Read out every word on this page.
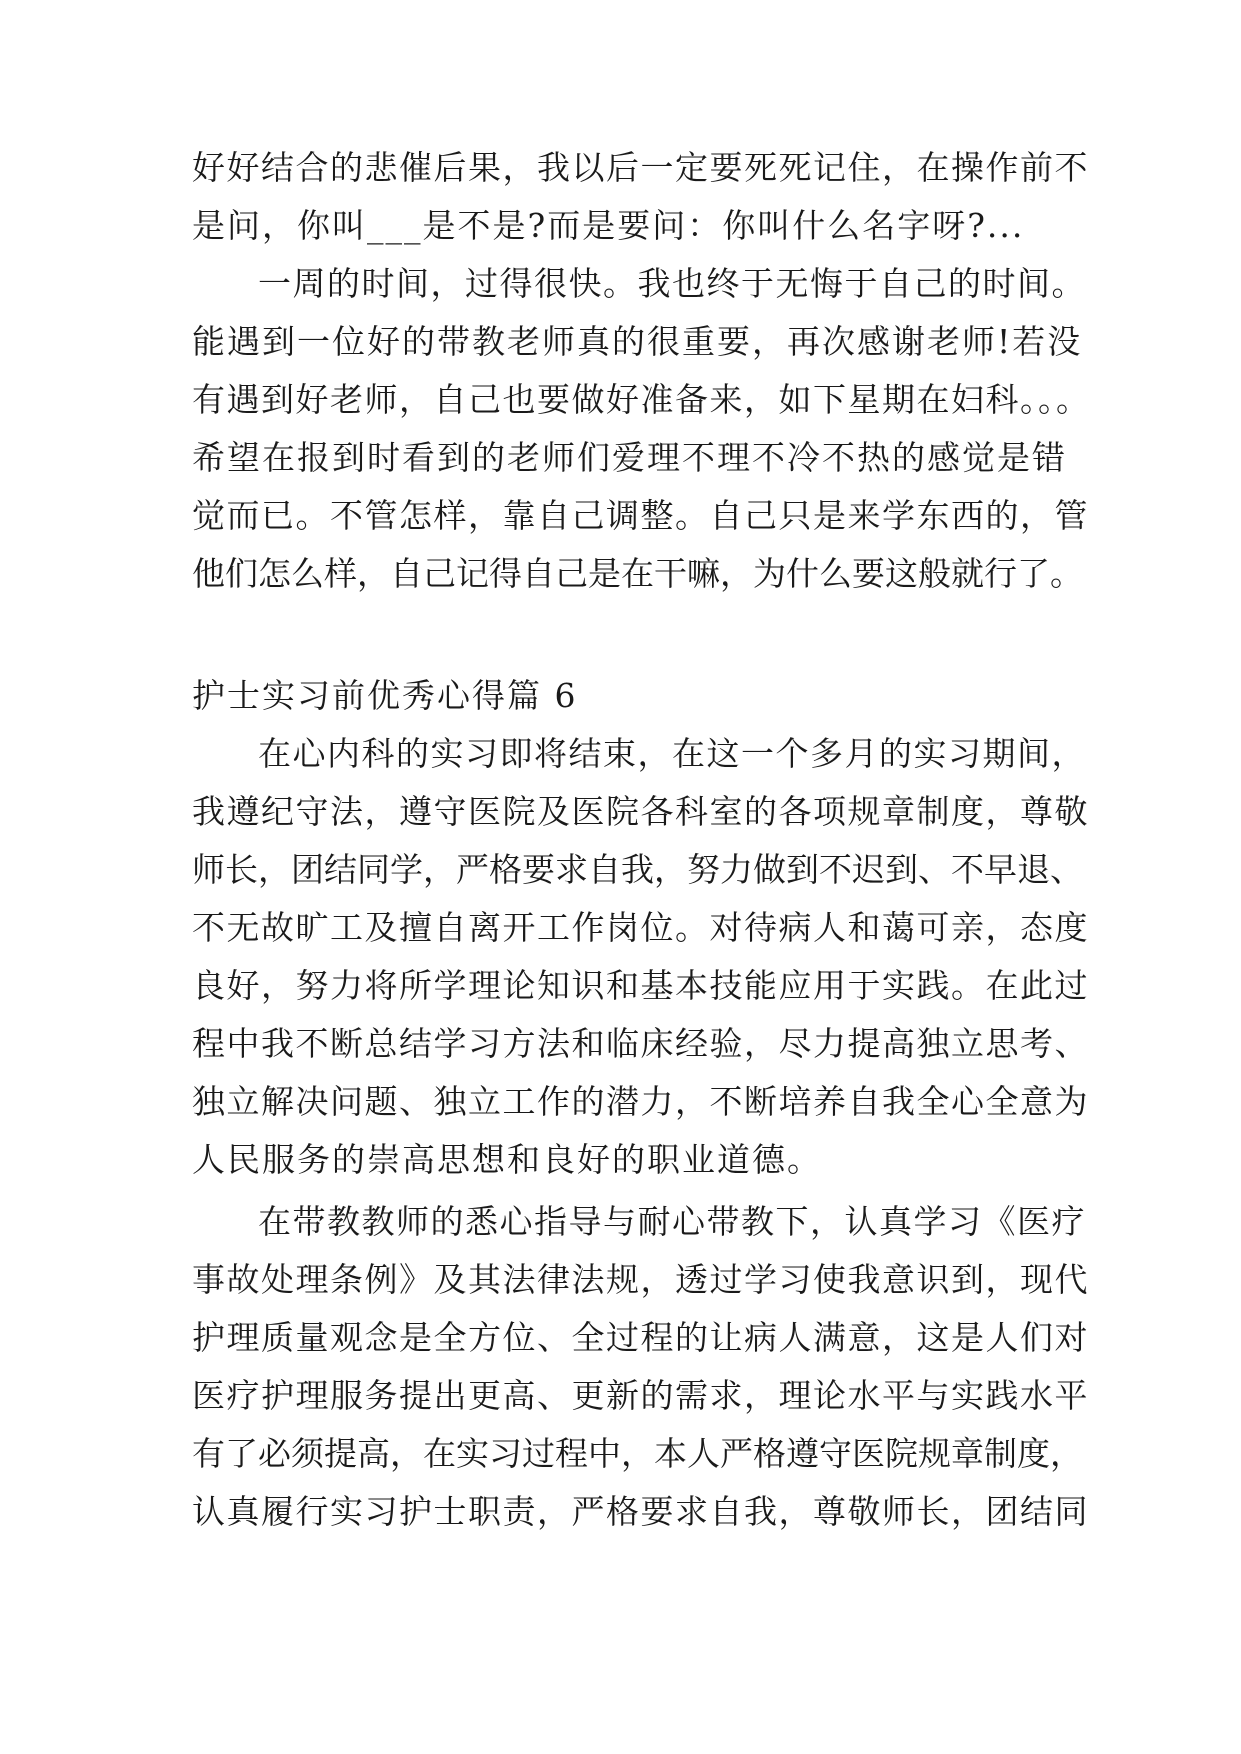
好好结合的悲催后果，我以后一定要死死记住，在操作前不
是问，你叫___是不是?而是要问：你叫什么名字呀?...
一周的时间，过得很快。我也终于无悔于自己的时间。
能遇到一位好的带教老师真的很重要，再次感谢老师!若没
有遇到好老师，自己也要做好准备来，如下星期在妇科。。。
希望在报到时看到的老师们爱理不理不冷不热的感觉是错
觉而已。不管怎样，靠自己调整。自己只是来学东西的，管
他们怎么样，自己记得自己是在干嘛，为什么要这般就行了。
护士实习前优秀心得篇 6
在心内科的实习即将结束，在这一个多月的实习期间，
我遵纪守法，遵守医院及医院各科室的各项规章制度，尊敬
师长，团结同学，严格要求自我，努力做到不迟到、不早退、
不无故旷工及擅自离开工作岗位。对待病人和蔼可亲，态度
良好，努力将所学理论知识和基本技能应用于实践。在此过
程中我不断总结学习方法和临床经验，尽力提高独立思考、
独立解决问题、独立工作的潜力，不断培养自我全心全意为
人民服务的崇高思想和良好的职业道德。
在带教教师的悉心指导与耐心带教下，认真学习《医疗
事故处理条例》及其法律法规，透过学习使我意识到，现代
护理质量观念是全方位、全过程的让病人满意，这是人们对
医疗护理服务提出更高、更新的需求，理论水平与实践水平
有了必须提高，在实习过程中，本人严格遵守医院规章制度，
认真履行实习护士职责，严格要求自我，尊敬师长，团结同
